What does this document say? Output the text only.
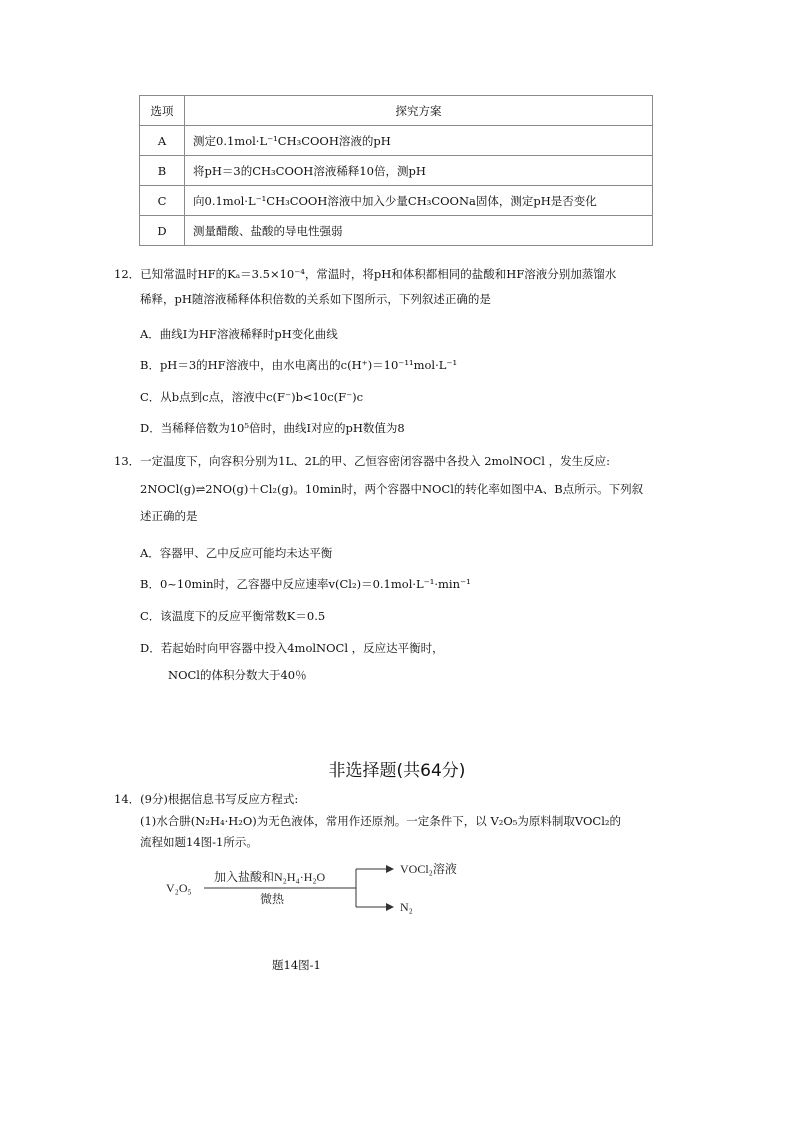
选项	探究方案
A	测定0.1mol·L⁻¹CH₃COOH溶液的pH
B	将pH＝3的CH₃COOH溶液稀释10倍，测pH
C	向0.1mol·L⁻¹CH₃COOH溶液中加入少量CH₃COONa固体，测定pH是否变化
D	测量醋酸、盐酸的导电性强弱
12．已知常温时HF的Kₐ＝3.5×10⁻⁴，常温时，将pH和体积都相同的盐酸和HF溶液分别加蒸馏水
稀释，pH随溶液稀释体积倍数的关系如下图所示，下列叙述正确的是
A．曲线Ⅰ为HF溶液稀释时pH变化曲线
B．pH＝3的HF溶液中，由水电离出的c(H⁺)＝10⁻¹¹mol·L⁻¹
C．从b点到c点，溶液中c(F⁻)b<10c(F⁻)c
D．当稀释倍数为10⁵倍时，曲线Ⅰ对应的pH数值为8
13．一定温度下，向容积分别为1L、2L的甲、乙恒容密闭容器中各投入 2molNOCl ，发生反应:
2NOCl(g)⇌2NO(g)＋Cl₂(g)。10min时，两个容器中NOCl的转化率如图中A、B点所示。下列叙
述正确的是
A．容器甲、乙中反应可能均未达平衡
B．0~10min时，乙容器中反应速率v(Cl₂)＝0.1mol·L⁻¹·min⁻¹
C．该温度下的反应平衡常数K＝0.5
D．若起始时向甲容器中投入4molNOCl ，反应达平衡时，
NOCl的体积分数大于40％
非选择题(共64分)
14．(9分)根据信息书写反应方程式:
(1)水合肼(N₂H₄·H₂O)为无色液体，常用作还原剂。一定条件下，以 V₂O₅为原料制取VOCl₂的
流程如题14图-1所示。
V₂O₅
加入盐酸和N₂H₄·H₂O
微热
VOCl₂溶液
N₂
题14图-1
